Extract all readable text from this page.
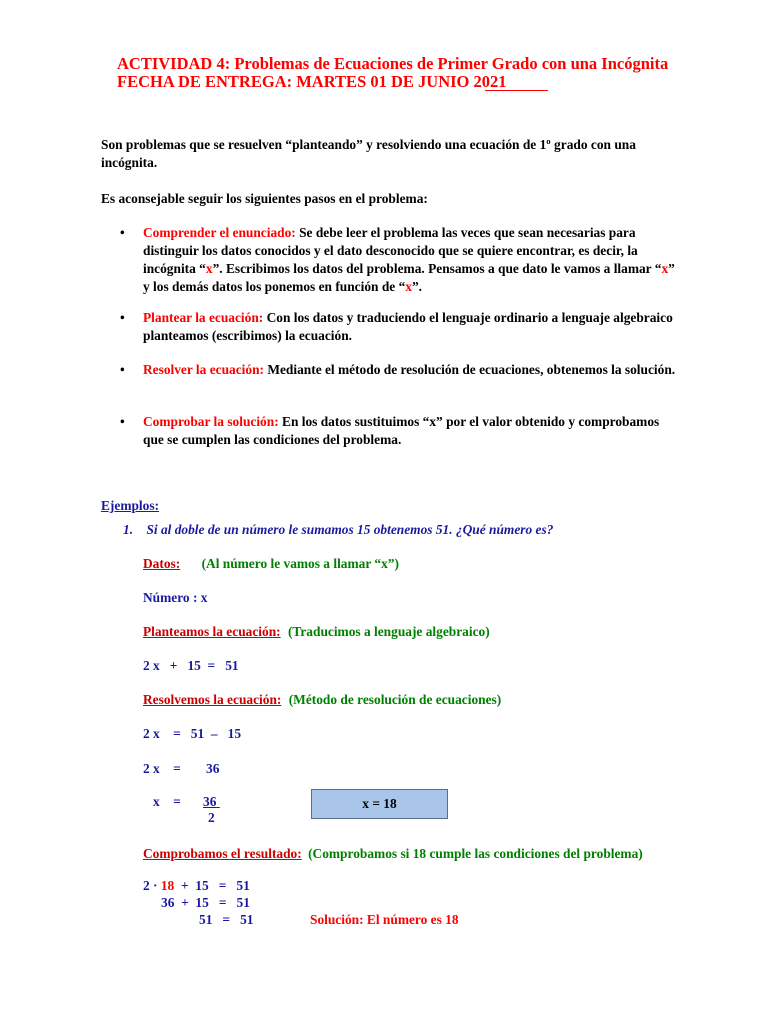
ACTIVIDAD 4: Problemas de Ecuaciones de Primer Grado con una Incógnita
FECHA DE ENTREGA: MARTES 01 DE JUNIO 2021
Son problemas que se resuelven “planteando” y resolviendo una ecuación de 1º grado con una incógnita.
Es aconsejable seguir los siguientes pasos en el problema:
• Comprender el enunciado: Se debe leer el problema las veces que sean necesarias para distinguir los datos conocidos y el dato desconocido que se quiere encontrar, es decir, la incógnita “x”. Escribimos los datos del problema. Pensamos a que dato le vamos a llamar “x” y los demás datos los ponemos en función de “x”.
• Plantear la ecuación: Con los datos y traduciendo el lenguaje ordinario a lenguaje algebraico planteamos (escribimos) la ecuación.
• Resolver la ecuación: Mediante el método de resolución de ecuaciones, obtenemos la solución.
• Comprobar la solución: En los datos sustituimos “x” por el valor obtenido y comprobamos que se cumplen las condiciones del problema.
Ejemplos:
1. Si al doble de un número le sumamos 15 obtenemos 51. ¿Qué número es?
Datos: (Al número le vamos a llamar “x”)
Número : x
Planteamos la ecuación: (Traducimos a lenguaje algebraico)
2 x   +   15  =   51
Resolvemos la ecuación: (Método de resolución de ecuaciones)
2 x    =   51  –   15
2 x    = 36
x    = 36
2
x = 18
Comprobamos el resultado: (Comprobamos si 18 cumple las condiciones del problema)
2 · 18  +  15   =   51
36  +  15   =   51
51   =   51	Solución: El número es 18
